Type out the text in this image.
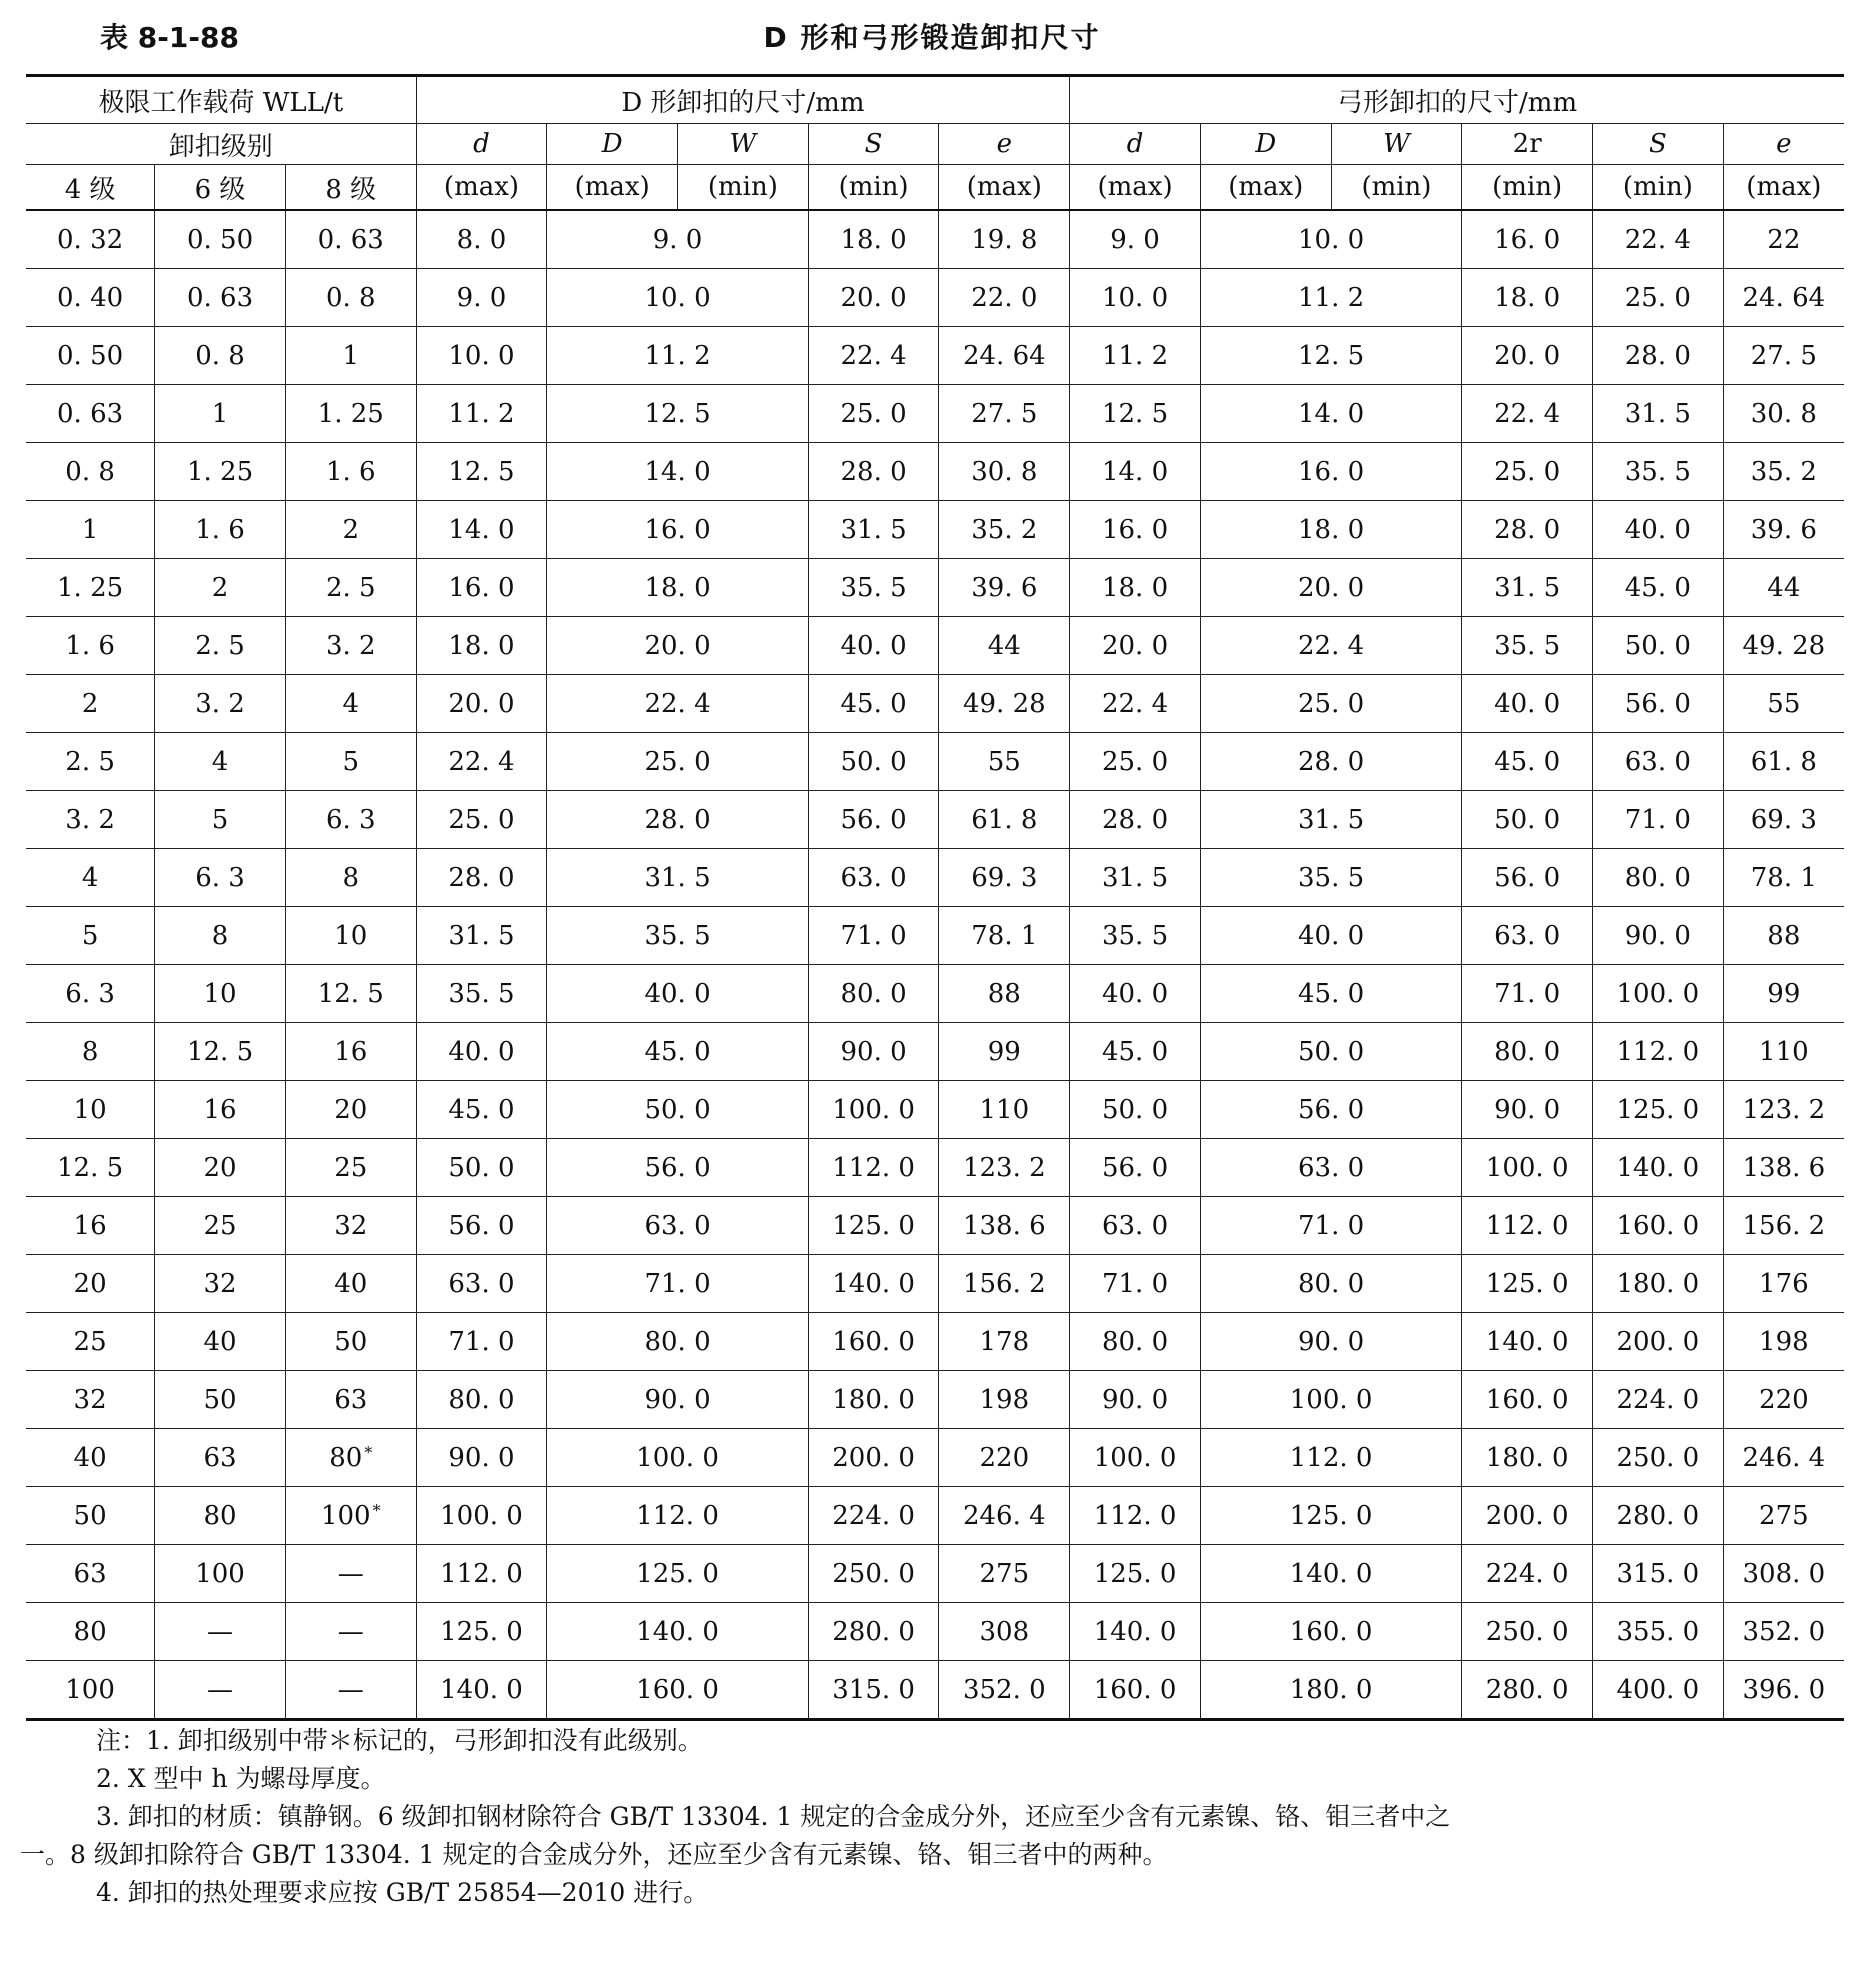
表 8-1-88	D 形和弓形锻造卸扣尺寸
极限工作载荷 WLL/t			D 形卸扣的尺寸/mm					弓形卸扣的尺寸/mm					
卸扣级别			d	D	W	S	e	d	D	W	2r	S	e
4 级	6 级	8 级	(max)	(max)	(min)	(min)	(max)	(max)	(max)	(min)	(min)	(min)	(max)
0. 32	0. 50	0. 63	8. 0	9. 0		18. 0	19. 8	9. 0	10. 0		16. 0	22. 4	22
0. 40	0. 63	0. 8	9. 0	10. 0		20. 0	22. 0	10. 0	11. 2		18. 0	25. 0	24. 64
0. 50	0. 8	1	10. 0	11. 2		22. 4	24. 64	11. 2	12. 5		20. 0	28. 0	27. 5
0. 63	1	1. 25	11. 2	12. 5		25. 0	27. 5	12. 5	14. 0		22. 4	31. 5	30. 8
0. 8	1. 25	1. 6	12. 5	14. 0		28. 0	30. 8	14. 0	16. 0		25. 0	35. 5	35. 2
1	1. 6	2	14. 0	16. 0		31. 5	35. 2	16. 0	18. 0		28. 0	40. 0	39. 6
1. 25	2	2. 5	16. 0	18. 0		35. 5	39. 6	18. 0	20. 0		31. 5	45. 0	44
1. 6	2. 5	3. 2	18. 0	20. 0		40. 0	44	20. 0	22. 4		35. 5	50. 0	49. 28
2	3. 2	4	20. 0	22. 4		45. 0	49. 28	22. 4	25. 0		40. 0	56. 0	55
2. 5	4	5	22. 4	25. 0		50. 0	55	25. 0	28. 0		45. 0	63. 0	61. 8
3. 2	5	6. 3	25. 0	28. 0		56. 0	61. 8	28. 0	31. 5		50. 0	71. 0	69. 3
4	6. 3	8	28. 0	31. 5		63. 0	69. 3	31. 5	35. 5		56. 0	80. 0	78. 1
5	8	10	31. 5	35. 5		71. 0	78. 1	35. 5	40. 0		63. 0	90. 0	88
6. 3	10	12. 5	35. 5	40. 0		80. 0	88	40. 0	45. 0		71. 0	100. 0	99
8	12. 5	16	40. 0	45. 0		90. 0	99	45. 0	50. 0		80. 0	112. 0	110
10	16	20	45. 0	50. 0		100. 0	110	50. 0	56. 0		90. 0	125. 0	123. 2
12. 5	20	25	50. 0	56. 0		112. 0	123. 2	56. 0	63. 0		100. 0	140. 0	138. 6
16	25	32	56. 0	63. 0		125. 0	138. 6	63. 0	71. 0		112. 0	160. 0	156. 2
20	32	40	63. 0	71. 0		140. 0	156. 2	71. 0	80. 0		125. 0	180. 0	176
25	40	50	71. 0	80. 0		160. 0	178	80. 0	90. 0		140. 0	200. 0	198
32	50	63	80. 0	90. 0		180. 0	198	90. 0	100. 0		160. 0	224. 0	220
40	63	80 *	90. 0	100. 0		200. 0	220	100. 0	112. 0		180. 0	250. 0	246. 4
50	80	100 *	100. 0	112. 0		224. 0	246. 4	112. 0	125. 0		200. 0	280. 0	275
63	100	—	112. 0	125. 0		250. 0	275	125. 0	140. 0		224. 0	315. 0	308. 0
80	—	—	125. 0	140. 0		280. 0	308	140. 0	160. 0		250. 0	355. 0	352. 0
100	—	—	140. 0	160. 0		315. 0	352. 0	160. 0	180. 0		280. 0	400. 0	396. 0
注：1. 卸扣级别中带＊标记的，弓形卸扣没有此级别。
2. X 型中 h 为螺母厚度。
3. 卸扣的材质：镇静钢。6 级卸扣钢材除符合 GB/T 13304. 1 规定的合金成分外，还应至少含有元素镍、铬、钼三者中之
一。8 级卸扣除符合 GB/T 13304. 1 规定的合金成分外，还应至少含有元素镍、铬、钼三者中的两种。
4. 卸扣的热处理要求应按 GB/T 25854—2010 进行。
